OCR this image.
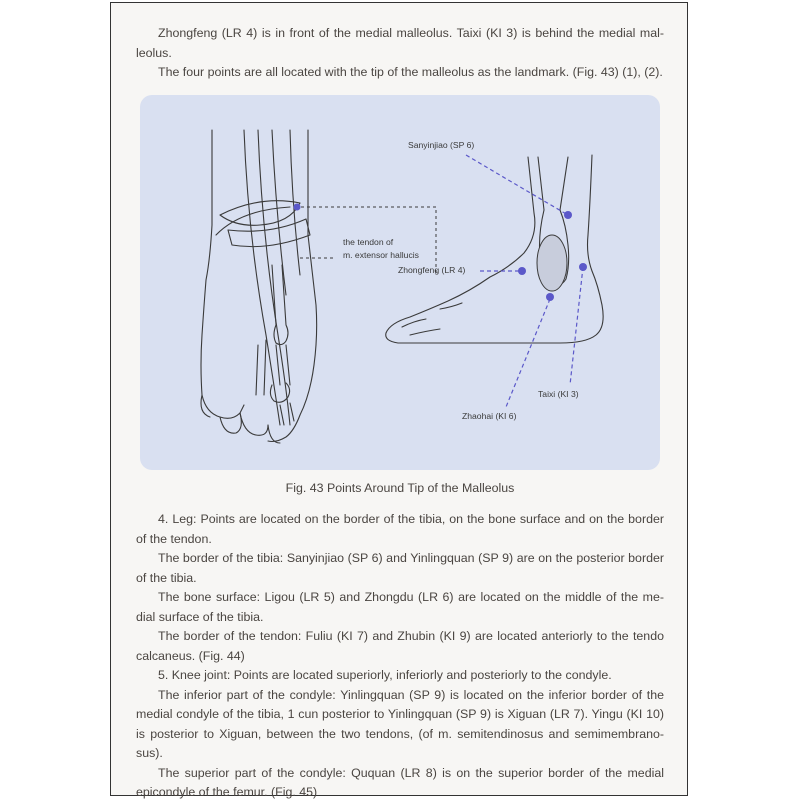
Zhongfeng (LR 4) is in front of the medial malleolus. Taixi (KI 3) is behind the medial mal-leolus.

The four points are all located with the tip of the malleolus as the landmark. (Fig. 43) (1), (2).

Sanyinjiao (SP 6)
the tendon of
m. extensor hallucis
Zhongfeng (LR 4)
Taixi (KI 3)
Zhaohai (KI 6)
Fig. 43 Points Around Tip of the Malleolus

4. Leg: Points are located on the border of the tibia, on the bone surface and on the border of the tendon.

The border of the tibia: Sanyinjiao (SP 6) and Yinlingquan (SP 9) are on the posterior border of the tibia.

The bone surface: Ligou (LR 5) and Zhongdu (LR 6) are located on the middle of the me-dial surface of the tibia.

The border of the tendon: Fuliu (KI 7) and Zhubin (KI 9) are located anteriorly to the tendo calcaneus. (Fig. 44)

5. Knee joint: Points are located superiorly, inferiorly and posteriorly to the condyle.

The inferior part of the condyle: Yinlingquan (SP 9) is located on the inferior border of the medial condyle of the tibia, 1 cun posterior to Yinlingquan (SP 9) is Xiguan (LR 7). Yingu (KI 10) is posterior to Xiguan, between the two tendons, (of m. semitendinosus and semimembrano-sus).

The superior part of the condyle: Ququan (LR 8) is on the superior border of the medial epicondyle of the femur. (Fig. 45)
